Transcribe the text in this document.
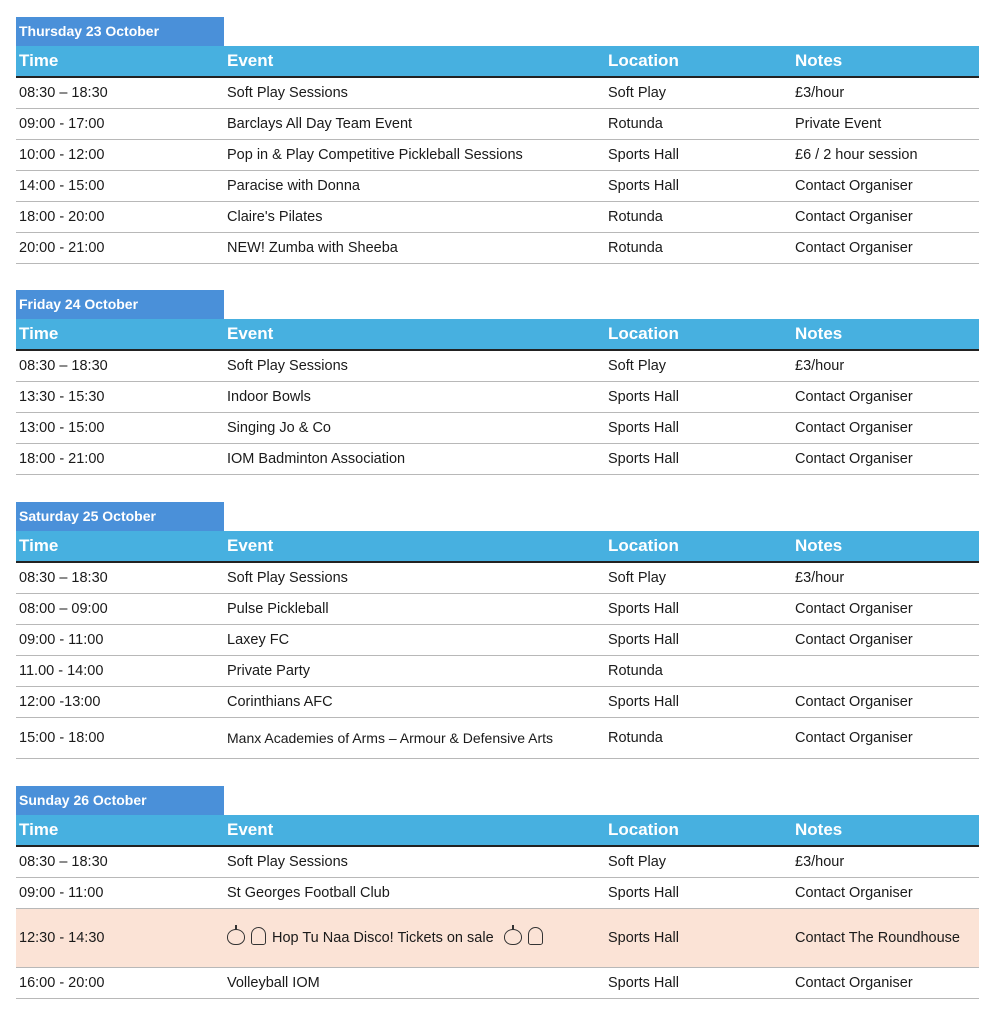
Thursday 23 October
Time	Event	Location	Notes
08:30 – 18:30	Soft Play Sessions	Soft Play	£3/hour
09:00 - 17:00	Barclays All Day Team Event	Rotunda	Private Event
10:00 - 12:00	Pop in & Play Competitive Pickleball Sessions	Sports Hall	£6 / 2 hour session
14:00 - 15:00	Paracise with Donna	Sports Hall	Contact Organiser
18:00 - 20:00	Claire's Pilates	Rotunda	Contact Organiser
20:00 - 21:00	NEW! Zumba with Sheeba	Rotunda	Contact Organiser
Friday 24 October
Time	Event	Location	Notes
08:30 – 18:30	Soft Play Sessions	Soft Play	£3/hour
13:30 - 15:30	Indoor Bowls	Sports Hall	Contact Organiser
13:00 - 15:00	Singing Jo & Co	Sports Hall	Contact Organiser
18:00 - 21:00	IOM Badminton Association	Sports Hall	Contact Organiser
Saturday 25 October
Time	Event	Location	Notes
08:30 – 18:30	Soft Play Sessions	Soft Play	£3/hour
08:00 – 09:00	Pulse Pickleball	Sports Hall	Contact Organiser
09:00 - 11:00	Laxey FC	Sports Hall	Contact Organiser
11.00 - 14:00	Private Party	Rotunda
12:00 -13:00	Corinthians AFC	Sports Hall	Contact Organiser
15:00 - 18:00	Manx Academies of Arms – Armour & Defensive Arts	Rotunda	Contact Organiser
Sunday 26 October
Time	Event	Location	Notes
08:30 – 18:30	Soft Play Sessions	Soft Play	£3/hour
09:00 - 11:00	St Georges Football Club	Sports Hall	Contact Organiser
12:30 - 14:30	Hop Tu Naa Disco! Tickets on sale	Sports Hall	Contact The Roundhouse
16:00 - 20:00	Volleyball IOM	Sports Hall	Contact Organiser
